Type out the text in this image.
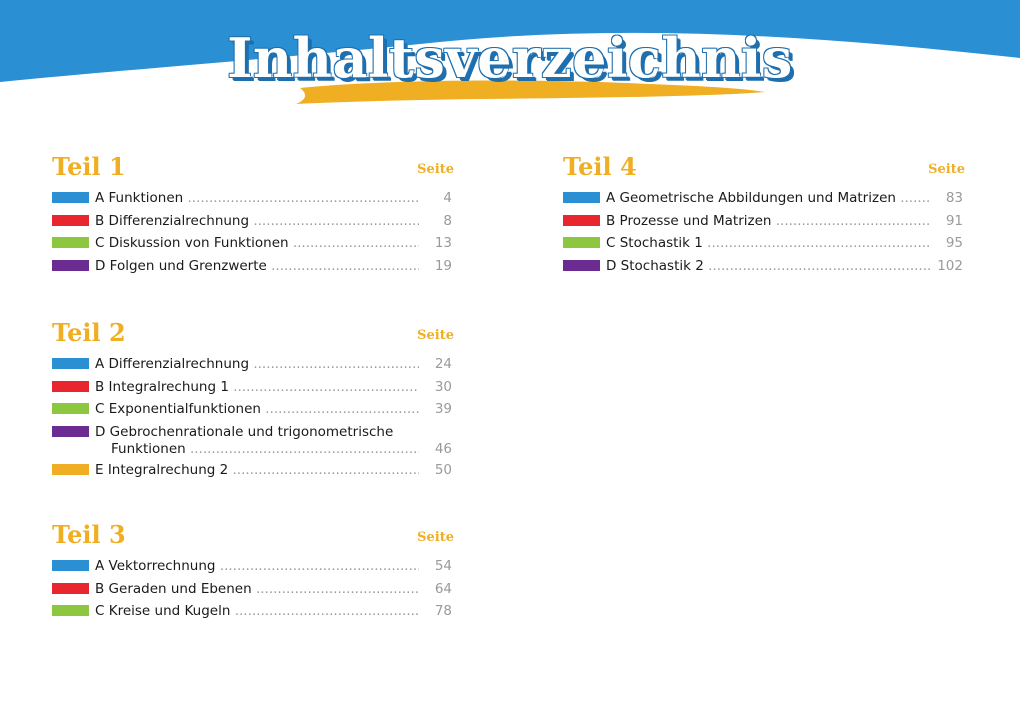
Inhaltsverzeichnis
Teil 1	Seite
A Funktionen .....	4
B Differenzialrechnung .....	8
C Diskussion von Funktionen .....	13
D Folgen und Grenzwerte .....	19
Teil 2	Seite
A Differenzialrechnung .....	24
B Integralrechung 1 .....	30
C Exponentialfunktionen .....	39
D Gebrochenrationale und trigonometrische
Funktionen .....	46
E Integralrechung 2 .....	50
Teil 3	Seite
A Vektorrechnung .....	54
B Geraden und Ebenen .....	64
C Kreise und Kugeln .....	78
Teil 4	Seite
A Geometrische Abbildungen und Matrizen .....	83
B Prozesse und Matrizen .....	91
C Stochastik 1 .....	95
D Stochastik 2 .....	102
